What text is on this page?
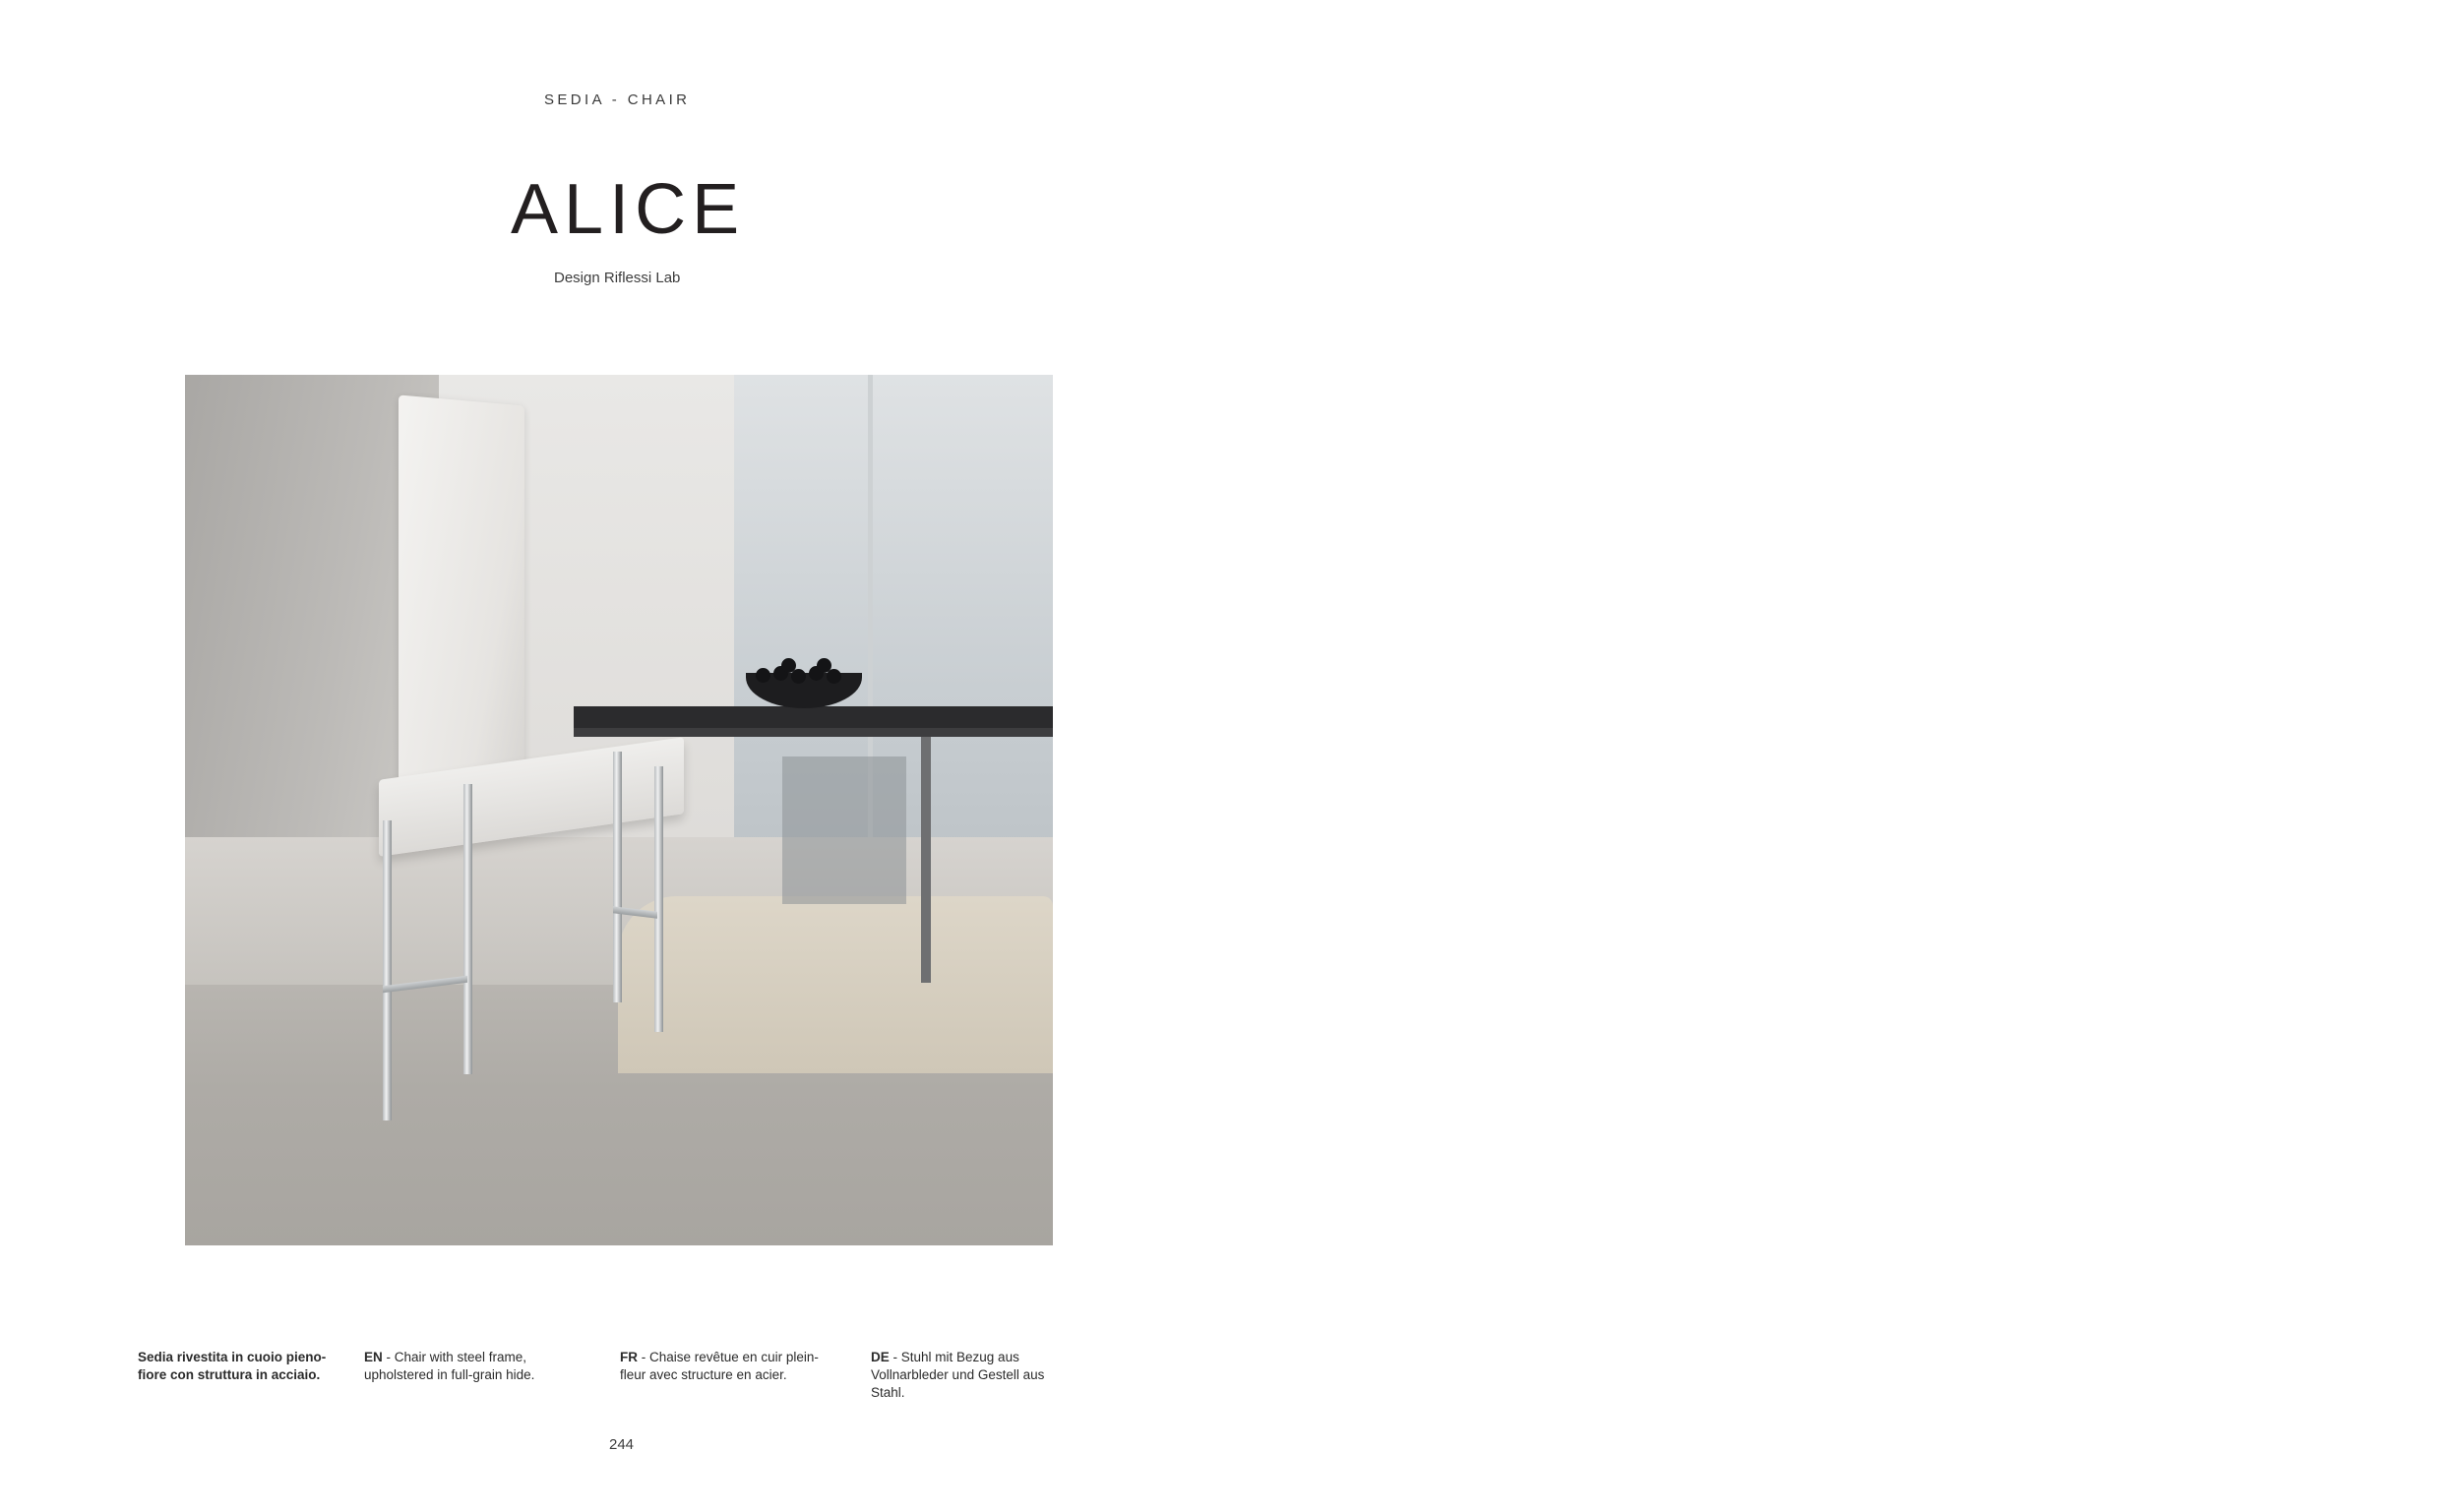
SEDIA - CHAIR
ALICE
Design Riflessi Lab
Sedia rivestita in cuoio pieno-fiore con struttura in acciaio.
EN - Chair with steel frame, upholstered in full-grain hide.
FR - Chaise revêtue en cuir plein-fleur avec structure en acier.
DE - Stuhl mit Bezug aus Vollnarbleder und Gestell aus Stahl.
244
